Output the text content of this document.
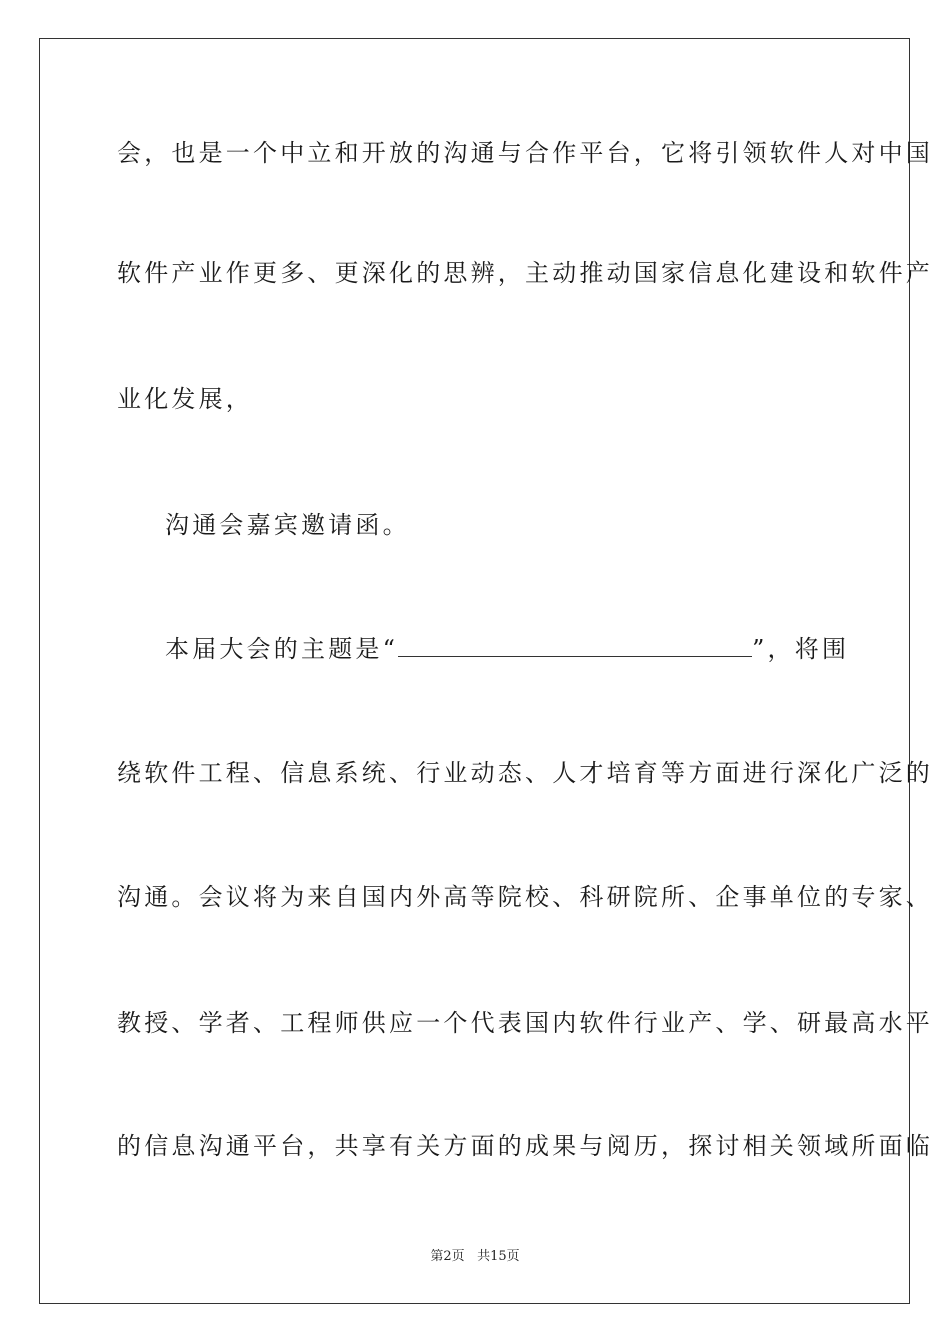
会，也是一个中立和开放的沟通与合作平台，它将引领软件人对中国
软件产业作更多、更深化的思辨，主动推动国家信息化建设和软件产
业化发展，
沟通会嘉宾邀请函。
本届大会的主题是“	”，将围
绕软件工程、信息系统、行业动态、人才培育等方面进行深化广泛的
沟通。会议将为来自国内外高等院校、科研院所、企事单位的专家、
教授、学者、工程师供应一个代表国内软件行业产、学、研最高水平
的信息沟通平台，共享有关方面的成果与阅历，探讨相关领域所面临
第2页 共15页
